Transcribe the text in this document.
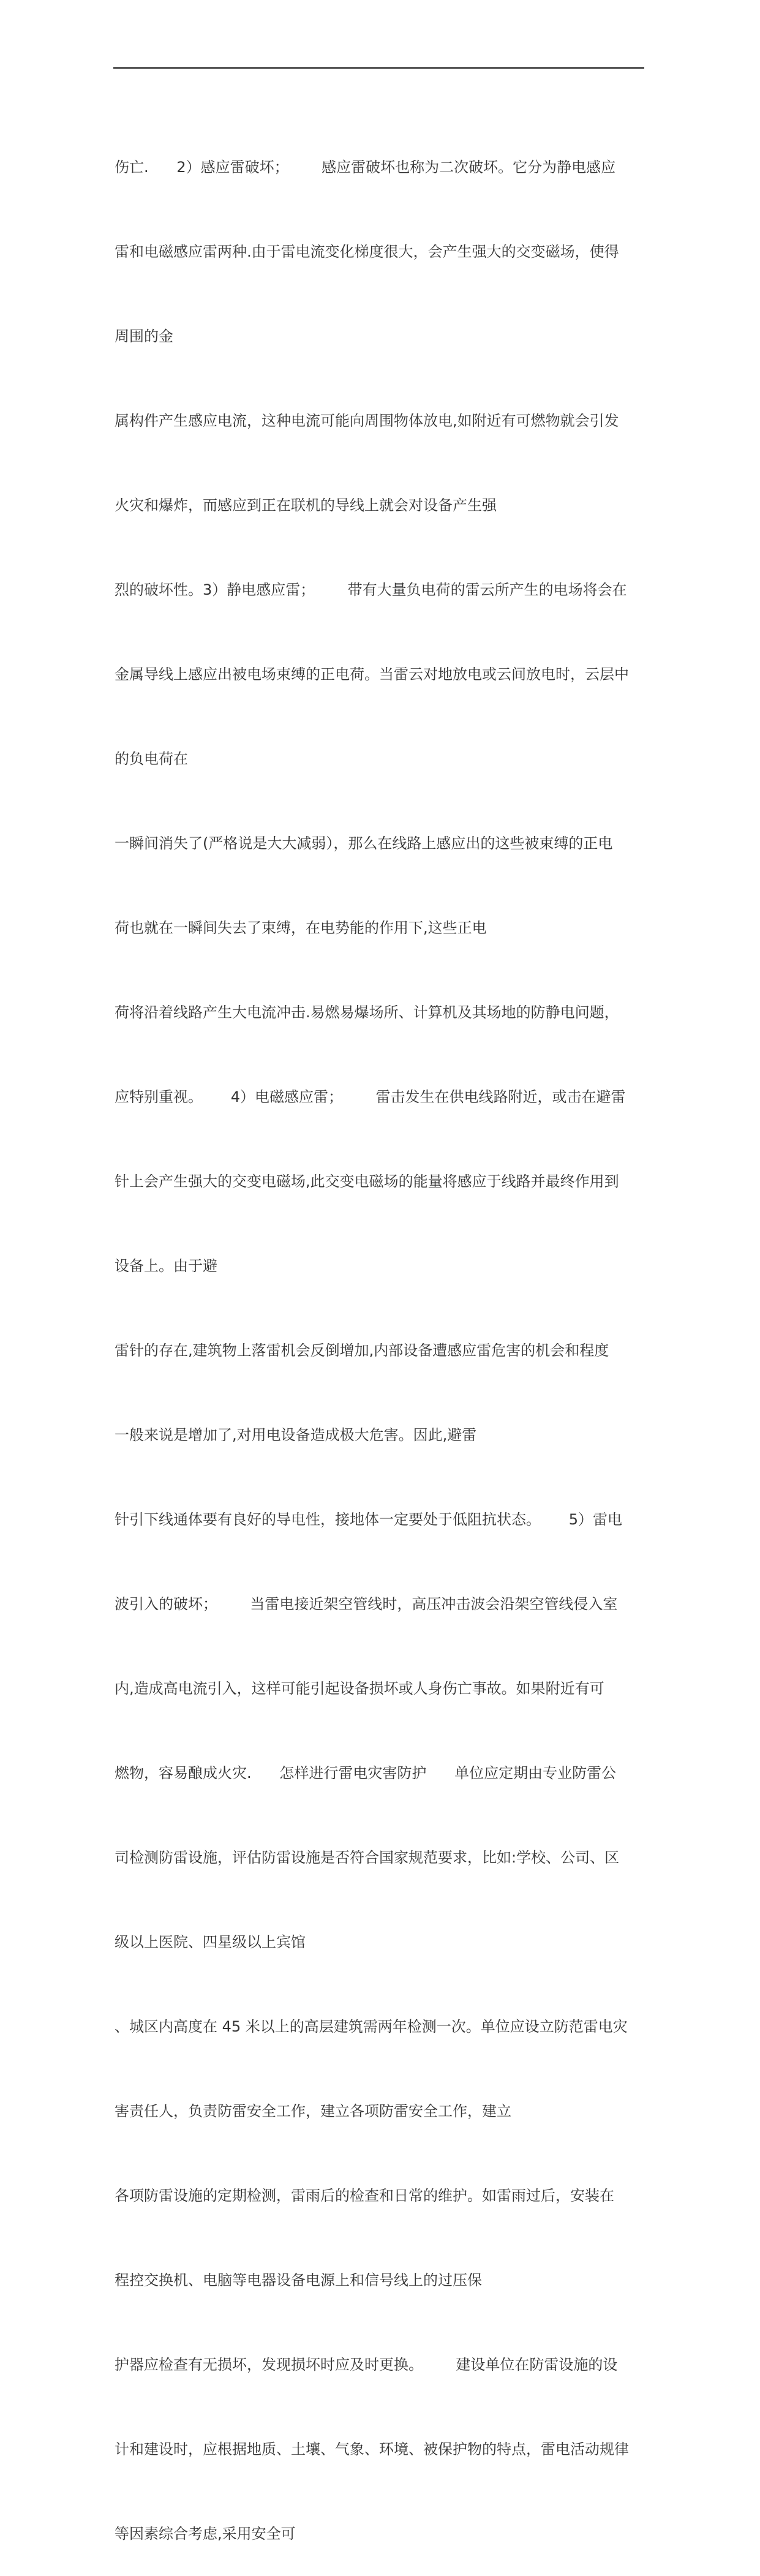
伤亡.      2）感应雷破坏；       感应雷破坏也称为二次破坏。它分为静电感应

雷和电磁感应雷两种.由于雷电流变化梯度很大，会产生强大的交变磁场，使得

周围的金

属构件产生感应电流，这种电流可能向周围物体放电,如附近有可燃物就会引发

火灾和爆炸，而感应到正在联机的导线上就会对设备产生强

烈的破坏性。3）静电感应雷；       带有大量负电荷的雷云所产生的电场将会在

金属导线上感应出被电场束缚的正电荷。当雷云对地放电或云间放电时，云层中

的负电荷在

一瞬间消失了(严格说是大大减弱），那么在线路上感应出的这些被束缚的正电

荷也就在一瞬间失去了束缚，在电势能的作用下,这些正电

荷将沿着线路产生大电流冲击.易燃易爆场所、计算机及其场地的防静电问题，

应特别重视。      4）电磁感应雷；       雷击发生在供电线路附近，或击在避雷

针上会产生强大的交变电磁场,此交变电磁场的能量将感应于线路并最终作用到

设备上。由于避

雷针的存在,建筑物上落雷机会反倒增加,内部设备遭感应雷危害的机会和程度

一般来说是增加了,对用电设备造成极大危害。因此,避雷

针引下线通体要有良好的导电性，接地体一定要处于低阻抗状态。      5）雷电

波引入的破坏；       当雷电接近架空管线时，高压冲击波会沿架空管线侵入室

内,造成高电流引入，这样可能引起设备损坏或人身伤亡事故。如果附近有可

燃物，容易酿成火灾.      怎样进行雷电灾害防护      单位应定期由专业防雷公

司检测防雷设施，评估防雷设施是否符合国家规范要求，比如:学校、公司、区

级以上医院、四星级以上宾馆

、城区内高度在 45 米以上的高层建筑需两年检测一次。单位应设立防范雷电灾

害责任人，负责防雷安全工作，建立各项防雷安全工作，建立

各项防雷设施的定期检测，雷雨后的检查和日常的维护。如雷雨过后，安装在

程控交换机、电脑等电器设备电源上和信号线上的过压保

护器应检查有无损坏，发现损坏时应及时更换。       建设单位在防雷设施的设

计和建设时，应根据地质、土壤、气象、环境、被保护物的特点，雷电活动规律

等因素综合考虑,采用安全可
